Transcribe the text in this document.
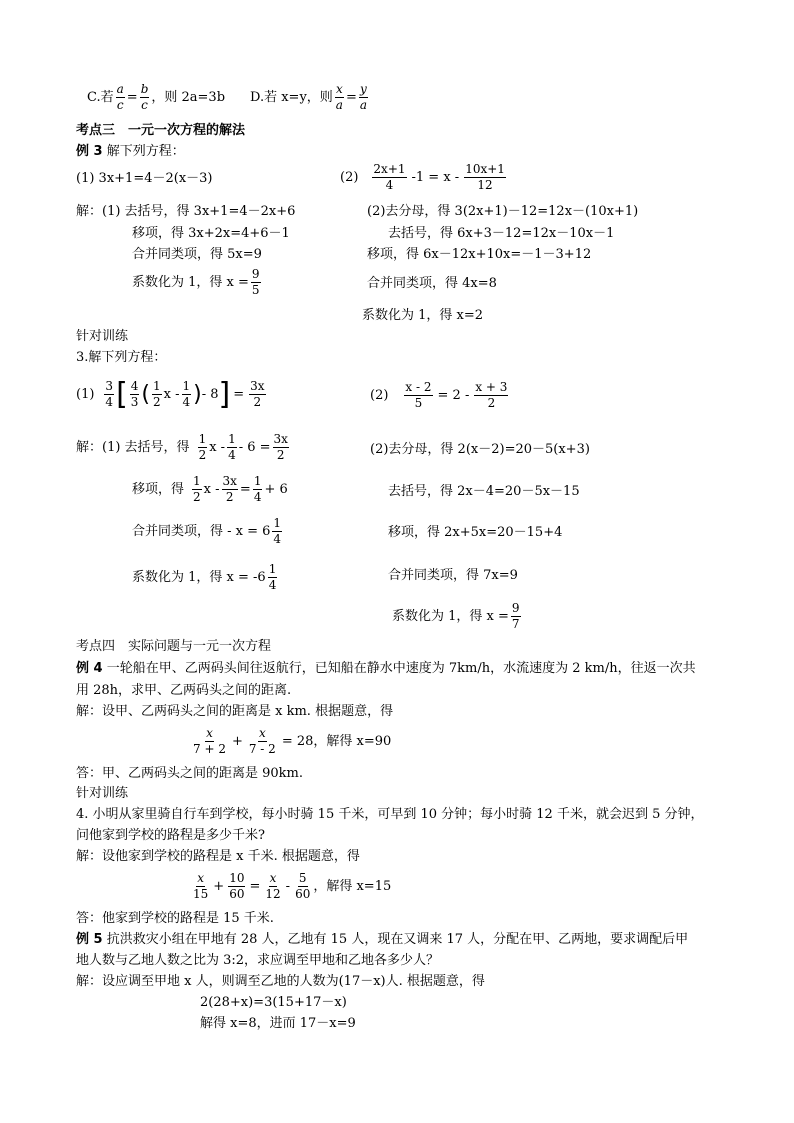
C.若 $\frac{a}{c} = \frac{b}{c}$ ，则 2a=3b D.若 x=y，则 $\frac{x}{a} = \frac{y}{a}$
考点三　一元一次方程的解法
例 3 解下列方程：
(1) 3x+1=4－2(x－3)	$(2) \frac{2x+1}{4} -1 = x - \frac{10x+1}{12}$
解：(1) 去括号，得 3x+1=4－2x+6
移项，得 3x+2x=4+6－1
合并同类项，得 5x=9
系数化为 1，得 $x = \frac{9}{5}$
(2)去分母，得 3(2x+1)－12=12x－(10x+1)
去括号，得 6x+3－12=12x－10x－1
移项，得 6x－12x+10x=－1－3+12
合并同类项，得 4x=8
系数化为 1，得 x=2
针对训练
3.解下列方程：
$(1) \frac{3}{4}$ [ $\frac{4}{3}$ ( $\frac{1}{2}$ x - $\frac{1}{4}$ ) - 8 ] = $\frac{3x}{2}$	$(2) \frac{x - 2}{5} = 2 - \frac{x + 3}{2}$
解：(1) 去括号，得 $\frac{1}{2}$ $x - \frac{1}{4} - 6 = \frac{3x}{2}$
移项，得 $\frac{1}{2}$ $x - \frac{3x}{2} = \frac{1}{4} + 6$
合并同类项，得 - $x = 6 \frac{1}{4}$
系数化为 1，得 $x = -6 \frac{1}{4}$
(2)去分母，得 2(x－2)=20－5(x+3)
去括号，得 2x－4=20－5x－15
移项，得 2x+5x=20－15+4
合并同类项，得 7x=9
系数化为 1，得 $x = \frac{9}{7}$
考点四　实际问题与一元一次方程
例 4 一轮船在甲、乙两码头间往返航行，已知船在静水中速度为 7km/h，水流速度为 2 km/h，往返一次共
用 28h，求甲、乙两码头之间的距离.
解：设甲、乙两码头之间的距离是 x km. 根据题意，得
$\frac{x}{7 + 2} + \frac{x}{7 - 2} = 28$，解得 x=90
答：甲、乙两码头之间的距离是 90km.
针对训练
4. 小明从家里骑自行车到学校，每小时骑 15 千米，可早到 10 分钟；每小时骑 12 千米，就会迟到 5 分钟，
问他家到学校的路程是多少千米?
解：设他家到学校的路程是 x 千米. 根据题意，得
$\frac{x}{15} + \frac{10}{60} = \frac{x}{12} - \frac{5}{60}$ ，解得 x=15
答：他家到学校的路程是 15 千米.
例 5 抗洪救灾小组在甲地有 28 人，乙地有 15 人，现在又调来 17 人，分配在甲、乙两地，要求调配后甲
地人数与乙地人数之比为 3:2，求应调至甲地和乙地各多少人？
解：设应调至甲地 x 人，则调至乙地的人数为(17－x)人. 根据题意，得
2(28+x)=3(15+17－x)
解得 x=8，进而 17－x=9
